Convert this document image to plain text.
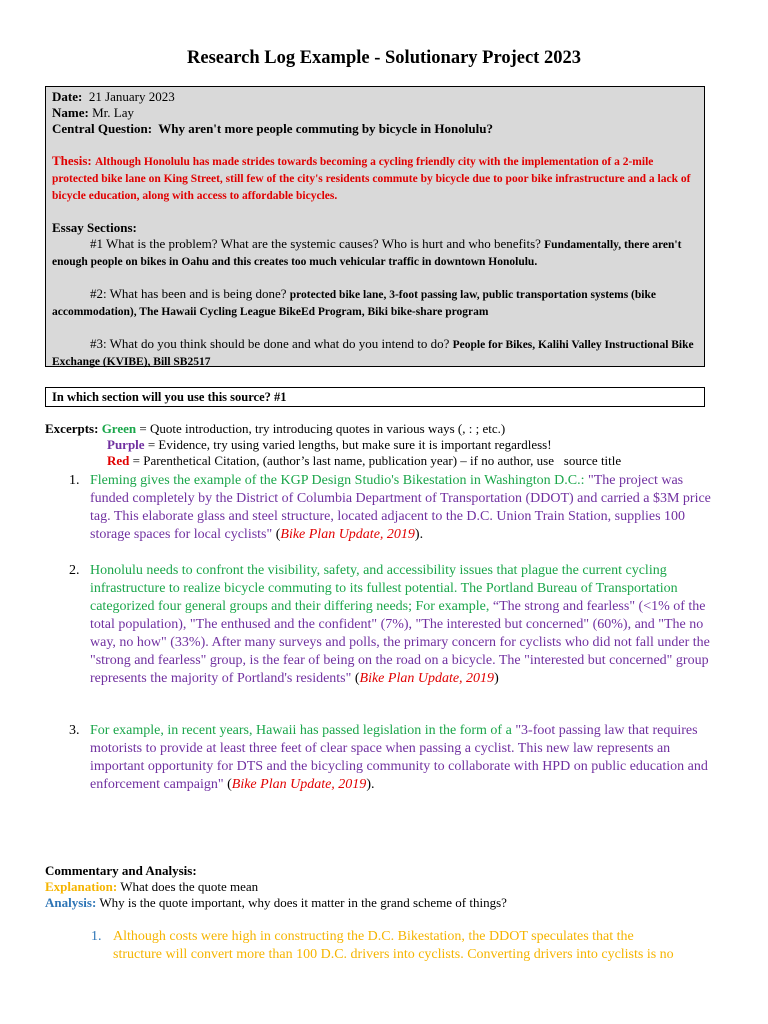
Research Log Example - Solutionary Project 2023

Date: 21 January 2023

Name: Mr. Lay

Central Question: Why aren't more people commuting by bicycle in Honolulu?

Thesis: Although Honolulu has made strides towards becoming a cycling friendly city with the implementation of a 2-mile protected bike lane on King Street, still few of the city's residents commute by bicycle due to poor bike infrastructure and a lack of bicycle education, along with access to affordable bicycles.

Essay Sections:

#1 What is the problem? What are the systemic causes? Who is hurt and who benefits? Fundamentally, there aren't enough people on bikes in Oahu and this creates too much vehicular traffic in downtown Honolulu.

#2: What has been and is being done? protected bike lane, 3-foot passing law, public transportation systems (bike accommodation), The Hawaii Cycling League BikeEd Program, Biki bike-share program

#3: What do you think should be done and what do you intend to do? People for Bikes, Kalihi Valley Instructional Bike Exchange (KVIBE), Bill SB2517

In which section will you use this source? #1

Excerpts: Green = Quote introduction, try introducing quotes in various ways (, : ; etc.)

Purple = Evidence, try using varied lengths, but make sure it is important regardless!

Red = Parenthetical Citation, (author’s last name, publication year) – if no author, use   source title

1. Fleming gives the example of the KGP Design Studio's Bikestation in Washington D.C.: "The project was funded completely by the District of Columbia Department of Transportation (DDOT) and carried a $3M price tag. This elaborate glass and steel structure, located adjacent to the D.C. Union Train Station, supplies 100 storage spaces for local cyclists" (Bike Plan Update, 2019).
2. Honolulu needs to confront the visibility, safety, and accessibility issues that plague the current cycling infrastructure to realize bicycle commuting to its fullest potential. The Portland Bureau of Transportation categorized four general groups and their differing needs; For example, “The strong and fearless" (<1% of the total population), "The enthused and the confident" (7%), "The interested but concerned" (60%), and "The no way, no how" (33%). After many surveys and polls, the primary concern for cyclists who did not fall under the "strong and fearless" group, is the fear of being on the road on a bicycle. The "interested but concerned" group represents the majority of Portland's residents" (Bike Plan Update, 2019)
3. For example, in recent years, Hawaii has passed legislation in the form of a "3-foot passing law that requires motorists to provide at least three feet of clear space when passing a cyclist. This new law represents an important opportunity for DTS and the bicycling community to collaborate with HPD on public education and enforcement campaign" (Bike Plan Update, 2019).

Commentary and Analysis:

Explanation: What does the quote mean

Analysis: Why is the quote important, why does it matter in the grand scheme of things?

1. Although costs were high in constructing the D.C. Bikestation, the DDOT speculates that the
structure will convert more than 100 D.C. drivers into cyclists. Converting drivers into cyclists is no
